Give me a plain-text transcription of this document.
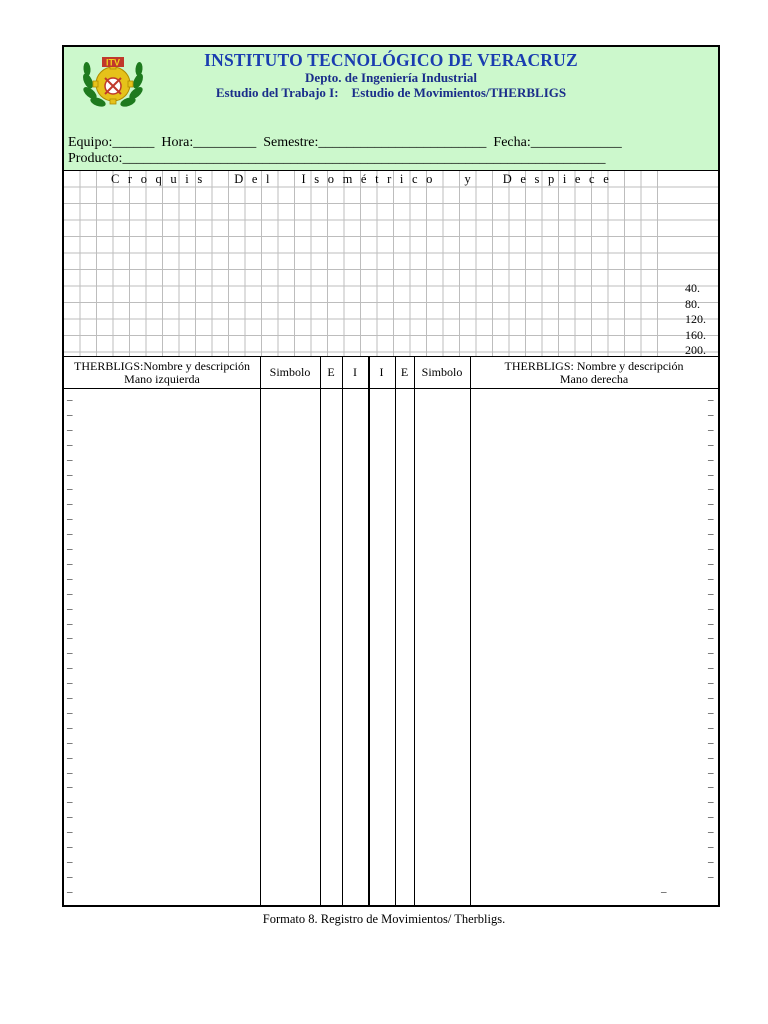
ITV	INSTITUTO TECNOLÓGICO DE VERACRUZ
Depto. de Ingeniería Industrial
Estudio del Trabajo I:    Estudio de Movimientos/THERBLIGS
Equipo:______  Hora:_________  Semestre:________________________  Fecha:_____________
Producto:_____________________________________________________________________
Croquis  Del  Isométrico  y  Despiece
40.
80.
120.
160.
200.
THERBLIGS:Nombre y descripción
Mano izquierda	Simbolo	E	I	I	E	Simbolo	THERBLIGS: Nombre y descripción
Mano derecha
–	–
–	–
–	–
–	–
–	–
–	–
–	–
–	–
–	–
–	–
–	–
–	–
–	–
–	–
–	–
–	–
–	–
–	–
–	–
–	–
–	–
–	–
–	–
–	–
–	–
–	–
–	–
–	–
–	–
–	–
–	–
–	–
–	–
–	–
Formato 8. Registro de Movimientos/ Therbligs.
